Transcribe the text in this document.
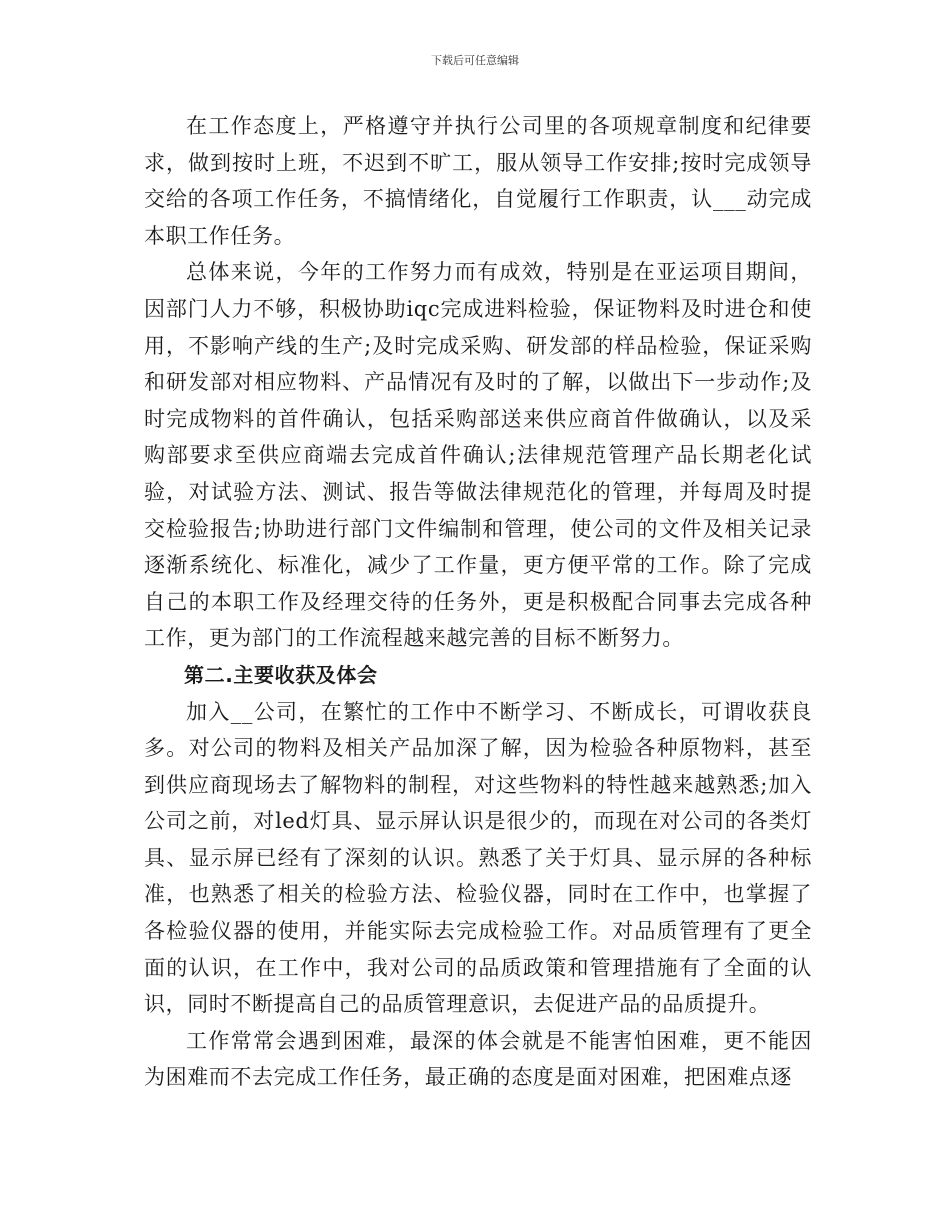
下载后可任意编辑

在工作态度上，严格遵守并执行公司里的各项规章制度和纪律要求，做到按时上班，不迟到不旷工，服从领导工作安排;按时完成领导交给的各项工作任务，不搞情绪化，自觉履行工作职责，认___动完成本职工作任务。

总体来说，今年的工作努力而有成效，特别是在亚运项目期间，因部门人力不够，积极协助iqc完成进料检验，保证物料及时进仓和使用，不影响产线的生产;及时完成采购、研发部的样品检验，保证采购和研发部对相应物料、产品情况有及时的了解，以做出下一步动作;及时完成物料的首件确认，包括采购部送来供应商首件做确认，以及采购部要求至供应商端去完成首件确认;法律规范管理产品长期老化试验，对试验方法、测试、报告等做法律规范化的管理，并每周及时提交检验报告;协助进行部门文件编制和管理，使公司的文件及相关记录逐渐系统化、标准化，减少了工作量，更方便平常的工作。除了完成自己的本职工作及经理交待的任务外，更是积极配合同事去完成各种工作，更为部门的工作流程越来越完善的目标不断努力。

第二.主要收获及体会

加入__公司，在繁忙的工作中不断学习、不断成长，可谓收获良多。对公司的物料及相关产品加深了解，因为检验各种原物料，甚至到供应商现场去了解物料的制程，对这些物料的特性越来越熟悉;加入公司之前，对led灯具、显示屏认识是很少的，而现在对公司的各类灯具、显示屏已经有了深刻的认识。熟悉了关于灯具、显示屏的各种标准，也熟悉了相关的检验方法、检验仪器，同时在工作中，也掌握了各检验仪器的使用，并能实际去完成检验工作。对品质管理有了更全面的认识，在工作中，我对公司的品质政策和管理措施有了全面的认识，同时不断提高自己的品质管理意识，去促进产品的品质提升。

工作常常会遇到困难，最深的体会就是不能害怕困难，更不能因为困难而不去完成工作任务，最正确的态度是面对困难，把困难点逐
